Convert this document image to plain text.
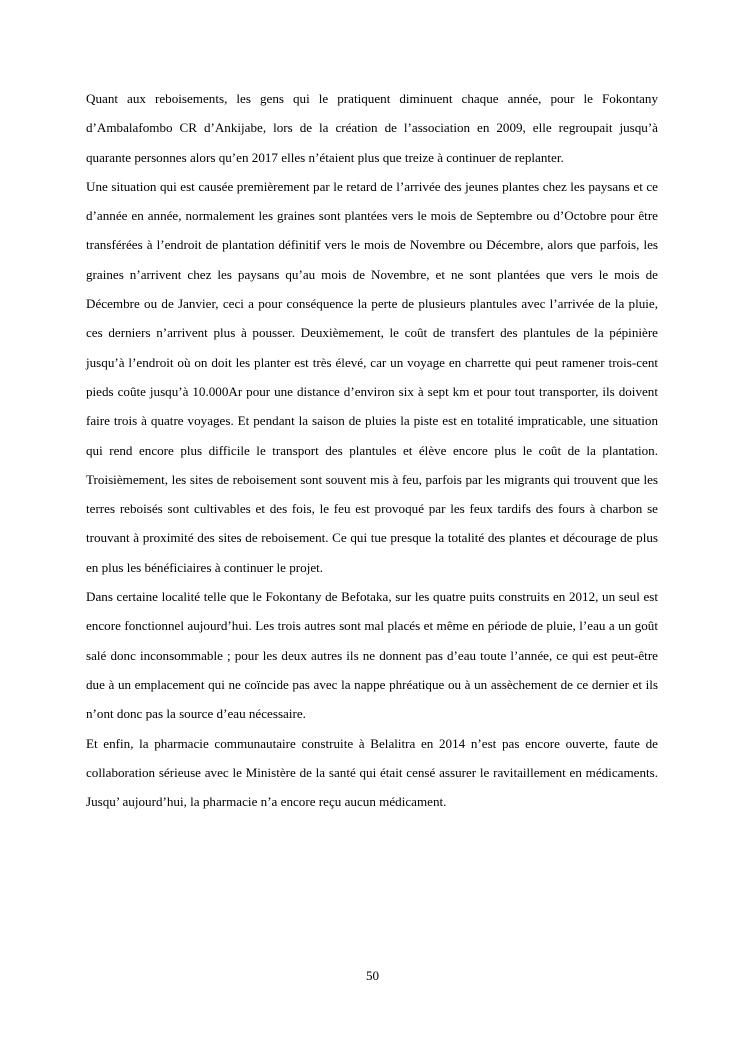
Quant aux reboisements, les gens qui le pratiquent diminuent chaque année, pour le Fokontany d’Ambalafombo CR d’Ankijabe, lors de la création de l’association en 2009, elle regroupait jusqu’à quarante personnes alors qu’en 2017 elles n’étaient plus que treize à continuer de replanter.

Une situation qui est causée premièrement par le retard de l’arrivée des jeunes plantes chez les paysans et ce d’année en année, normalement les graines sont plantées vers le mois de Septembre ou d’Octobre pour être transférées à l’endroit de plantation définitif vers le mois de Novembre ou Décembre, alors que parfois, les graines n’arrivent chez les paysans qu’au mois de Novembre, et ne sont plantées que vers le mois de Décembre ou de Janvier, ceci a pour conséquence la perte de plusieurs plantules avec l’arrivée de la pluie, ces derniers n’arrivent plus à pousser. Deuxièmement, le coût de transfert des plantules de la pépinière jusqu’à l’endroit où on doit les planter est très élevé, car un voyage en charrette qui peut ramener trois-cent pieds coûte jusqu’à 10.000Ar pour une distance d’environ six à sept km et pour tout transporter, ils doivent faire trois à quatre voyages. Et pendant la saison de pluies la piste est en totalité impraticable, une situation qui rend encore plus difficile le transport des plantules et élève encore plus le coût de la plantation. Troisièmement, les sites de reboisement sont souvent mis à feu, parfois par les migrants qui trouvent que les terres reboisés sont cultivables et des fois, le feu est provoqué par les feux tardifs des fours à charbon se trouvant à proximité des sites de reboisement. Ce qui tue presque la totalité des plantes et décourage de plus en plus les bénéficiaires à continuer le projet.

Dans certaine localité telle que le Fokontany de Befotaka, sur les quatre puits construits en 2012, un seul est encore fonctionnel aujourd’hui. Les trois autres sont mal placés et même en période de pluie, l’eau a un goût salé donc inconsommable ; pour les deux autres ils ne donnent pas d’eau toute l’année, ce qui est peut-être due à un emplacement qui ne coïncide pas avec la nappe phréatique ou à un assèchement de ce dernier et ils n’ont donc pas la source d’eau nécessaire.

Et enfin, la pharmacie communautaire construite à Belalitra en 2014 n’est pas encore ouverte, faute de collaboration sérieuse avec le Ministère de la santé qui était censé assurer le ravitaillement en médicaments. Jusqu’ aujourd’hui, la pharmacie n’a encore reçu aucun médicament.

50
